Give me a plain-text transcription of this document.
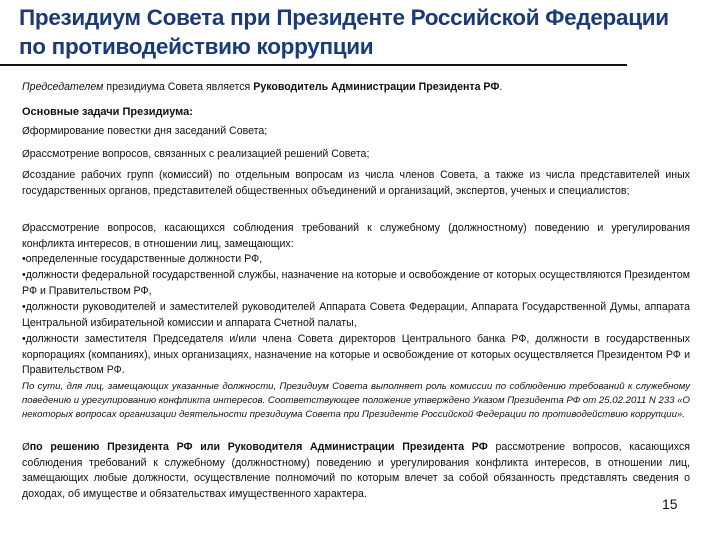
Президиум Совета при Президенте Российской Федерации
по противодействию коррупции
Председателем президиума Совета является Руководитель Администрации Президента РФ.
Основные задачи Президиума:
Øформирование повестки дня заседаний Совета;
Øрассмотрение вопросов, связанных с реализацией решений Совета;
Øсоздание рабочих групп (комиссий) по отдельным вопросам из числа членов Совета, а также из числа представителей иных государственных органов, представителей общественных объединений и организаций, экспертов, ученых и специалистов;
Øрассмотрение вопросов, касающихся соблюдения требований к служебному (должностному) поведению и урегулирования конфликта интересов, в отношении лиц, замещающих:
•определенные государственные должности РФ,
•должности федеральной государственной службы, назначение на которые и освобождение от которых осуществляются Президентом РФ и Правительством РФ,
•должности руководителей и заместителей руководителей Аппарата Совета Федерации, Аппарата Государственной Думы, аппарата Центральной избирательной комиссии и аппарата Счетной палаты,
•должности заместителя Председателя и/или члена Совета директоров Центрального банка РФ, должности в государственных корпорациях (компаниях), иных организациях, назначение на которые и освобождение от которых осуществляется Президентом РФ и Правительством РФ.
По сути, для лиц, замещающих указанные должности, Президиум Совета выполняет роль комиссии по соблюдению требований к служебному поведению и урегулированию конфликта интересов. Соответствующее положение утверждено Указом Президента РФ от 25.02.2011 N 233 «О некоторых вопросах организации деятельности президиума Совета при Президенте Российской Федерации по противодействию коррупции».
Øпо решению Президента РФ или Руководителя Администрации Президента РФ рассмотрение вопросов, касающихся соблюдения требований к служебному (должностному) поведению и урегулирования конфликта интересов, в отношении лиц, замещающих любые должности, осуществление полномочий по которым влечет за собой обязанность представлять сведения о доходах, об имуществе и обязательствах имущественного характера.
15
